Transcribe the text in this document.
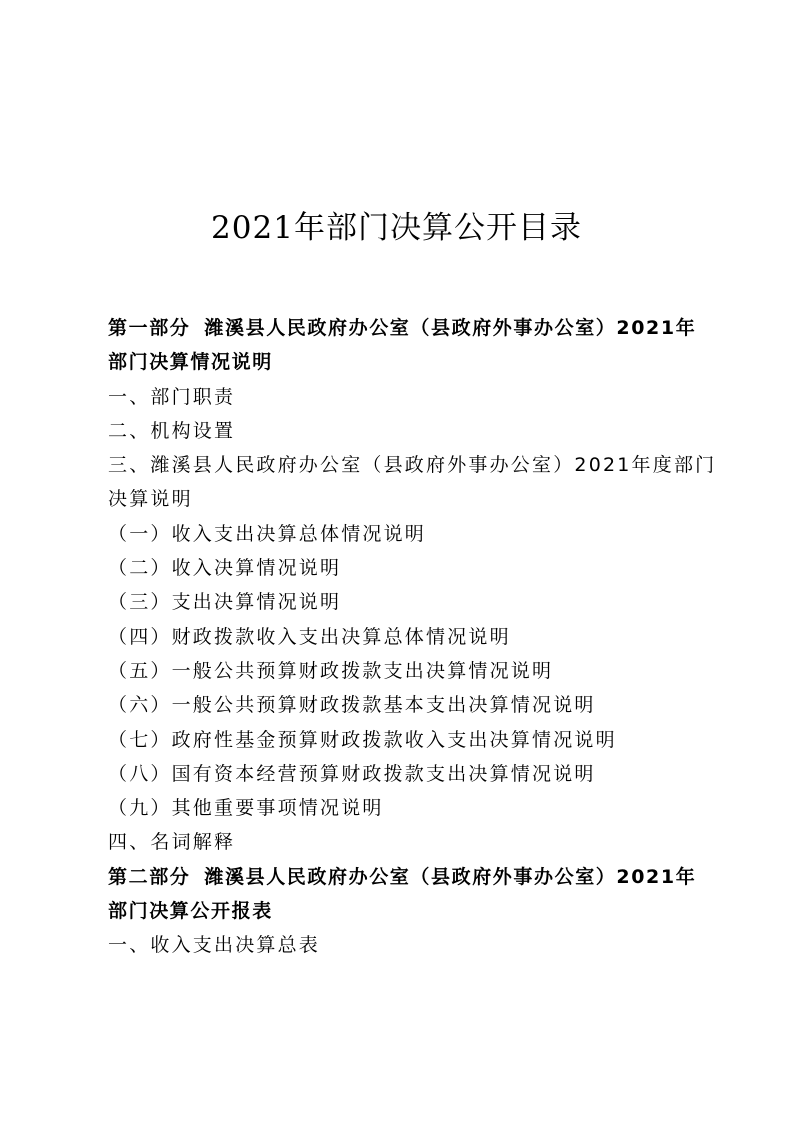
2021年部门决算公开目录
第一部分 潍溪县人民政府办公室（县政府外事办公室）2021年
部门决算情况说明
一、部门职责
二、机构设置
三、潍溪县人民政府办公室（县政府外事办公室）2021年度部门
决算说明
（一）收入支出决算总体情况说明
（二）收入决算情况说明
（三）支出决算情况说明
（四）财政拨款收入支出决算总体情况说明
（五）一般公共预算财政拨款支出决算情况说明
（六）一般公共预算财政拨款基本支出决算情况说明
（七）政府性基金预算财政拨款收入支出决算情况说明
（八）国有资本经营预算财政拨款支出决算情况说明
（九）其他重要事项情况说明
四、名词解释
第二部分 潍溪县人民政府办公室（县政府外事办公室）2021年
部门决算公开报表
一、收入支出决算总表
